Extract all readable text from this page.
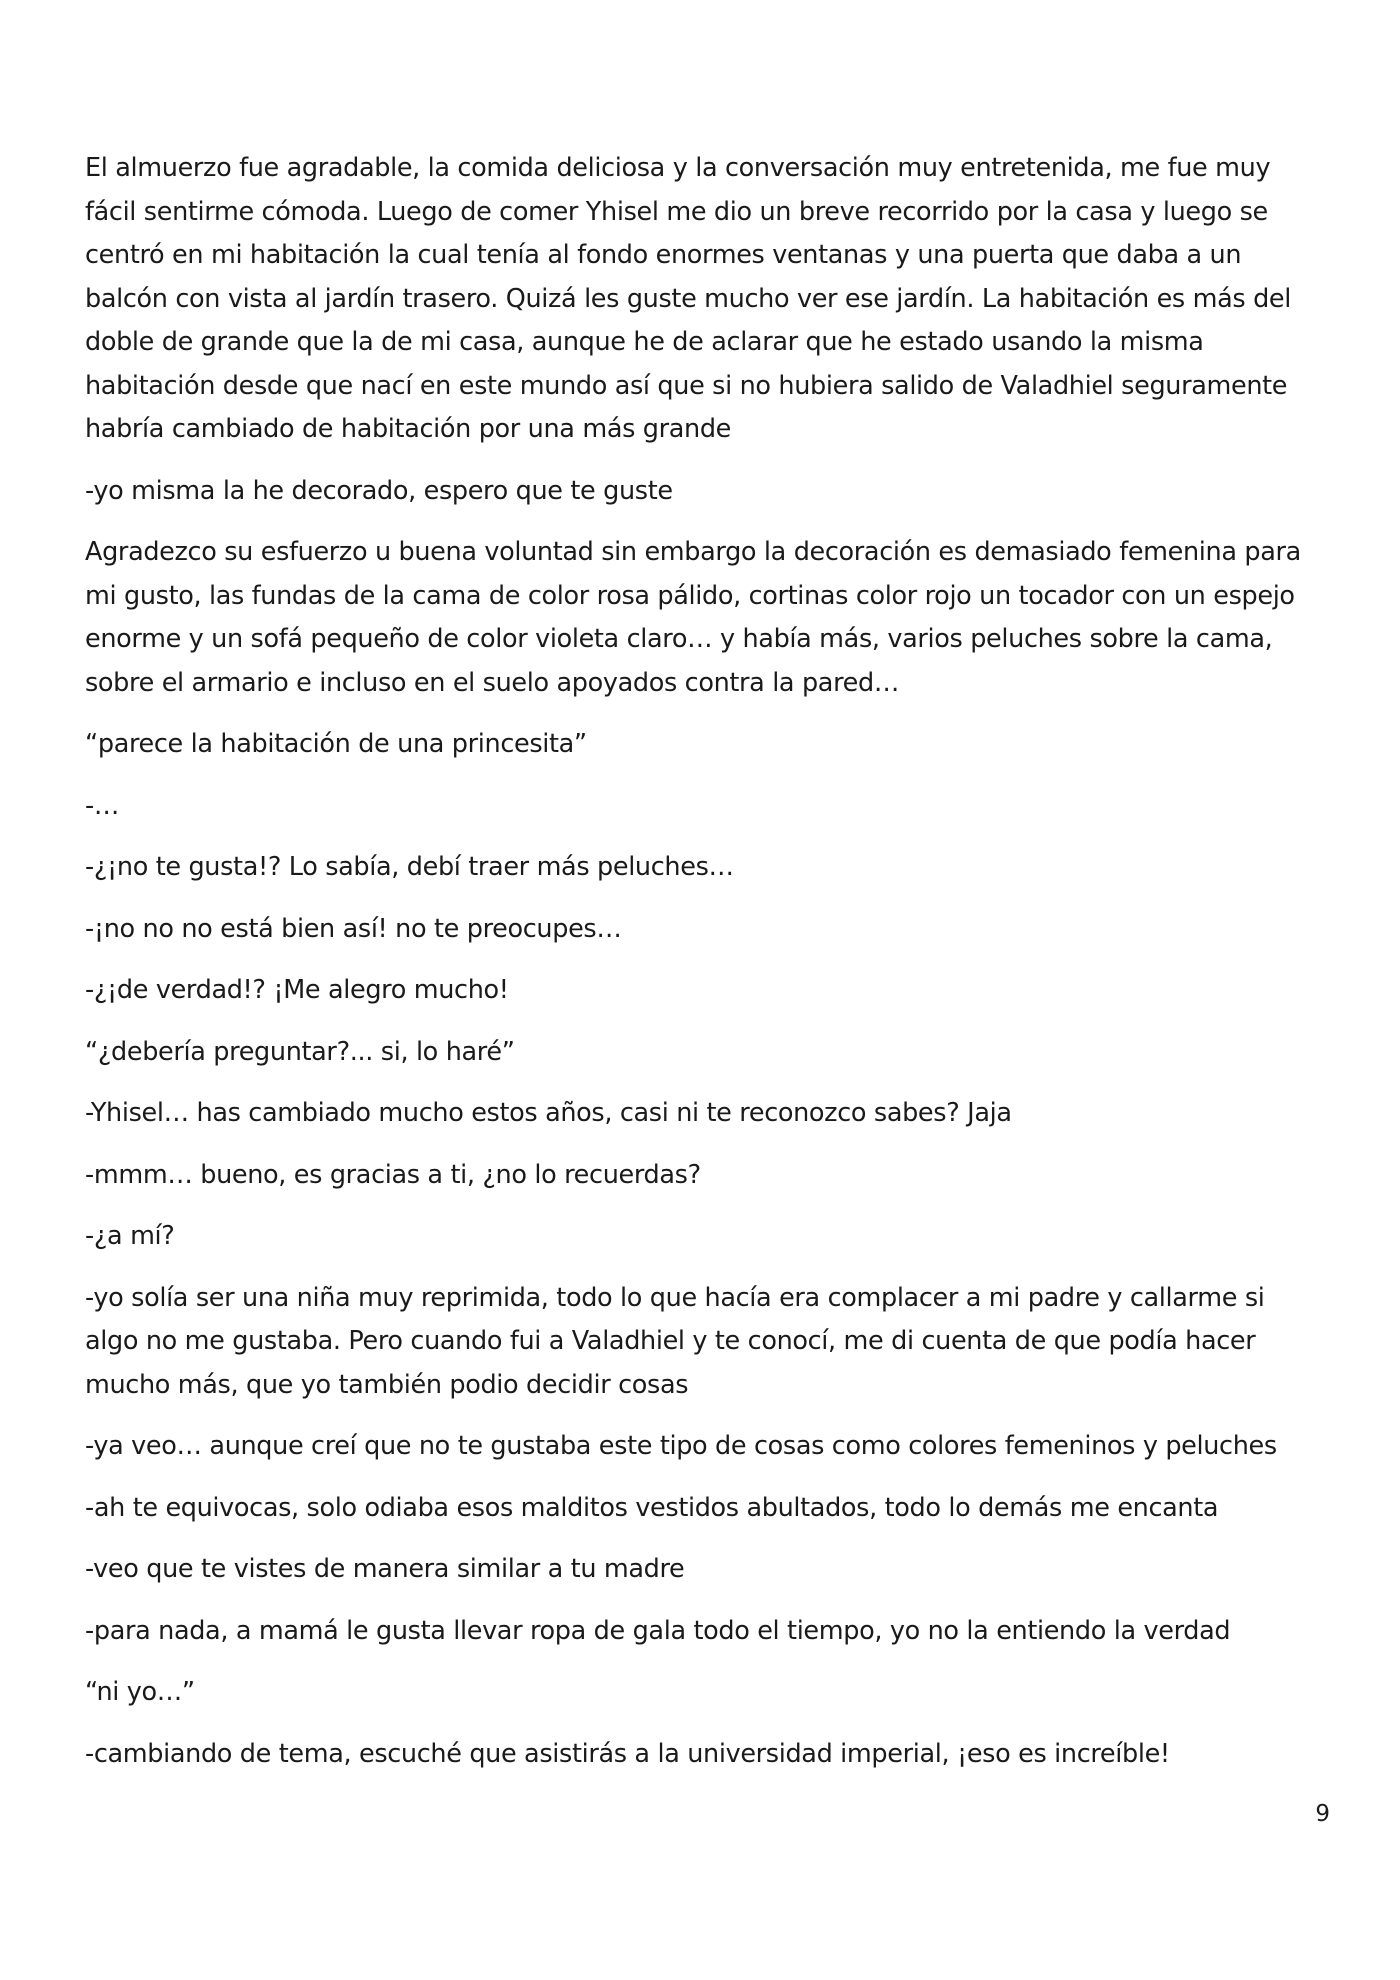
El almuerzo fue agradable, la comida deliciosa y la conversación muy entretenida, me fue muy fácil sentirme cómoda. Luego de comer Yhisel me dio un breve recorrido por la casa y luego se centró en mi habitación la cual tenía al fondo enormes ventanas y una puerta que daba a un balcón con vista al jardín trasero. Quizá les guste mucho ver ese jardín. La habitación es más del doble de grande que la de mi casa, aunque he de aclarar que he estado usando la misma habitación desde que nací en este mundo así que si no hubiera salido de Valadhiel seguramente habría cambiado de habitación por una más grande

-yo misma la he decorado, espero que te guste

Agradezco su esfuerzo u buena voluntad sin embargo la decoración es demasiado femenina para mi gusto, las fundas de la cama de color rosa pálido, cortinas color rojo un tocador con un espejo enorme y un sofá pequeño de color violeta claro… y había más, varios peluches sobre la cama, sobre el armario e incluso en el suelo apoyados contra la pared…

“parece la habitación de una princesita”

-…

-¿¡no te gusta!? Lo sabía, debí traer más peluches…

-¡no no no está bien así! no te preocupes…

-¿¡de verdad!? ¡Me alegro mucho!

“¿debería preguntar?... si, lo haré”

-Yhisel… has cambiado mucho estos años, casi ni te reconozco sabes? Jaja

-mmm… bueno, es gracias a ti, ¿no lo recuerdas?

-¿a mí?

-yo solía ser una niña muy reprimida, todo lo que hacía era complacer a mi padre y callarme si algo no me gustaba. Pero cuando fui a Valadhiel y te conocí, me di cuenta de que podía hacer mucho más, que yo también podio decidir cosas

-ya veo… aunque creí que no te gustaba este tipo de cosas como colores femeninos y peluches

-ah te equivocas, solo odiaba esos malditos vestidos abultados, todo lo demás me encanta

-veo que te vistes de manera similar a tu madre

-para nada, a mamá le gusta llevar ropa de gala todo el tiempo, yo no la entiendo la verdad

“ni yo…”

-cambiando de tema, escuché que asistirás a la universidad imperial, ¡eso es increíble!

9
